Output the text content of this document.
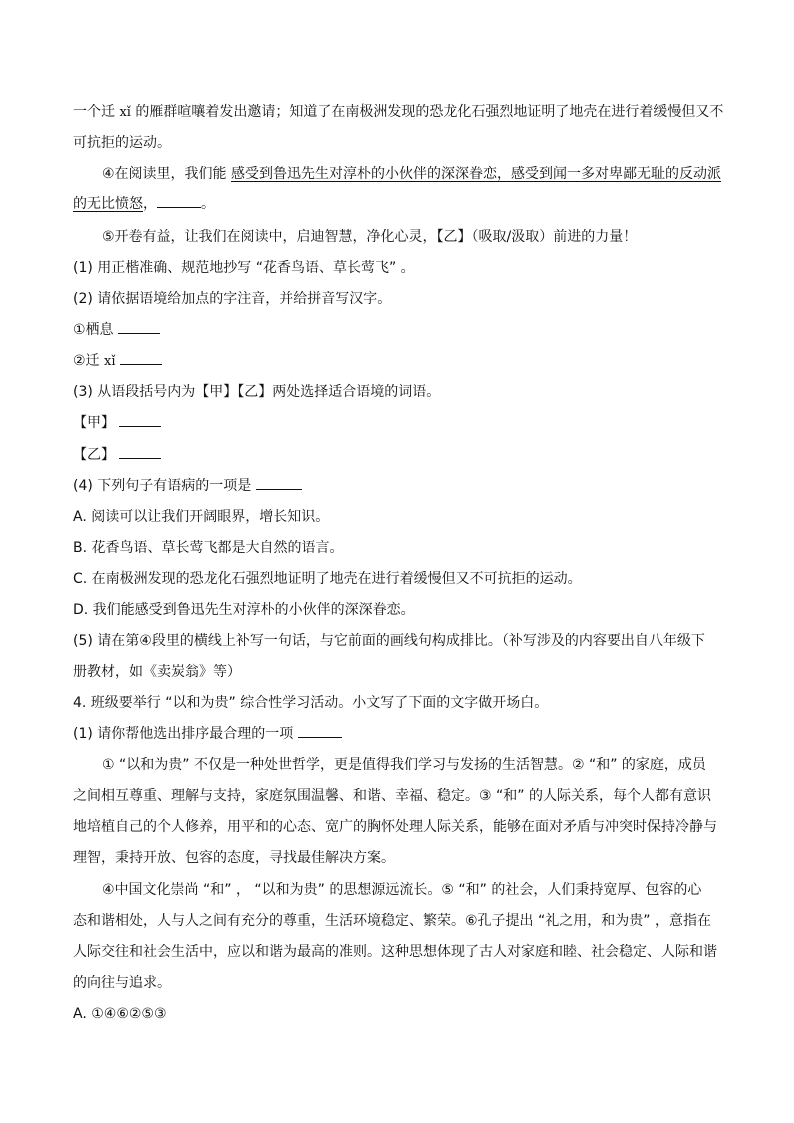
一个迁 xǐ 的雁群喧嚷着发出邀请；知道了在南极洲发现的恐龙化石强烈地证明了地壳在进行着缓慢但又不
可抗拒的运动。
④在阅读里，我们能 感受到鲁迅先生对淳朴的小伙伴的深深眷恋，感受到闻一多对卑鄙无耻的反动派
的无比愤怒，	。
⑤开卷有益，让我们在阅读中，启迪智慧，净化心灵，【乙】（吸取/汲取）前进的力量！
(1) 用正楷准确、规范地抄写 “花香鸟语、草长莺飞” 。
(2) 请依据语境给加点的字注音，并给拼音写汉字。
①栖息
②迁 xǐ
(3) 从语段括号内为【甲】【乙】两处选择适合语境的词语。
【甲】
【乙】
(4) 下列句子有语病的一项是
A. 阅读可以让我们开阔眼界，增长知识。
B. 花香鸟语、草长莺飞都是大自然的语言。
C. 在南极洲发现的恐龙化石强烈地证明了地壳在进行着缓慢但又不可抗拒的运动。
D. 我们能感受到鲁迅先生对淳朴的小伙伴的深深眷恋。
(5) 请在第④段里的横线上补写一句话，与它前面的画线句构成排比。（补写涉及的内容要出自八年级下
册教材，如《卖炭翁》等）
4. 班级要举行 “以和为贵” 综合性学习活动。小文写了下面的文字做开场白。
(1) 请你帮他选出排序最合理的一项
① “以和为贵” 不仅是一种处世哲学，更是值得我们学习与发扬的生活智慧。② “和” 的家庭，成员
之间相互尊重、理解与支持，家庭氛围温馨、和谐、幸福、稳定。③ “和” 的人际关系，每个人都有意识
地培植自己的个人修养，用平和的心态、宽广的胸怀处理人际关系，能够在面对矛盾与冲突时保持冷静与
理智，秉持开放、包容的态度，寻找最佳解决方案。
④中国文化崇尚 “和” ， “以和为贵” 的思想源远流长。⑤ “和” 的社会，人们秉持宽厚、包容的心
态和谐相处，人与人之间有充分的尊重，生活环境稳定、繁荣。⑥孔子提出 “礼之用，和为贵” ，意指在
人际交往和社会生活中，应以和谐为最高的准则。这种思想体现了古人对家庭和睦、社会稳定、人际和谐
的向往与追求。
A. ①④⑥②⑤③
